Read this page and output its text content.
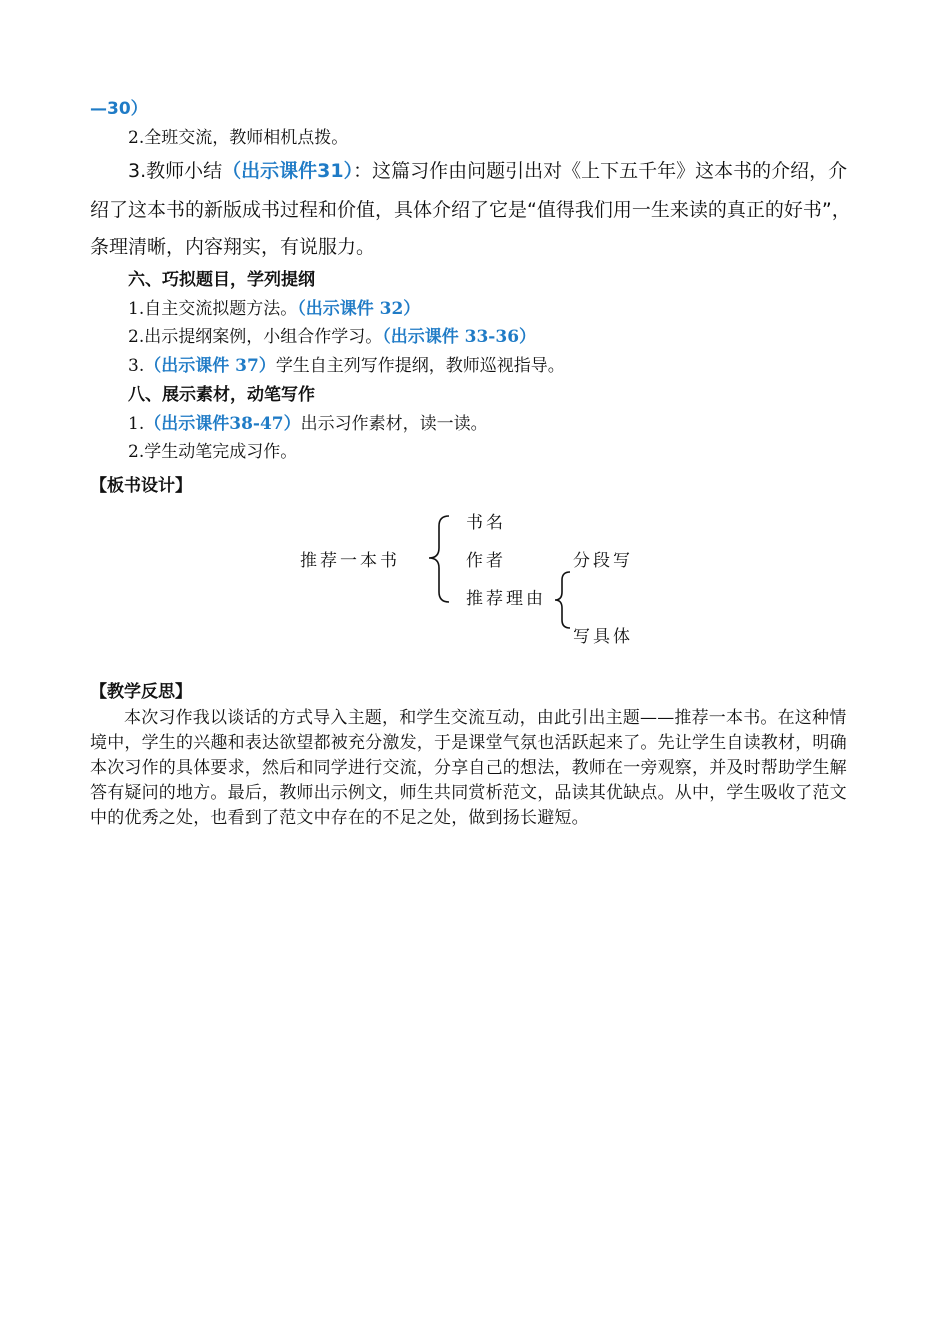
—30）
2.全班交流，教师相机点拨。
3.教师小结（出示课件31）：这篇习作由问题引出对《上下五千年》这本书的介绍，介
绍了这本书的新版成书过程和价值，具体介绍了它是“值得我们用一生来读的真正的好书”，
条理清晰，内容翔实，有说服力。
六、巧拟题目，学列提纲
1.自主交流拟题方法。（出示课件 32）
2.出示提纲案例，小组合作学习。（出示课件 33-36）
3.（出示课件 37）学生自主列写作提纲，教师巡视指导。
八、展示素材，动笔写作
1.（出示课件38-47）出示习作素材，读一读。
2.学生动笔完成习作。
【板书设计】
推荐一本书
书名
作者
推荐理由
分段写
写具体
【教学反思】
本次习作我以谈话的方式导入主题，和学生交流互动，由此引出主题——推荐一本书。在这种情境中，学生的兴趣和表达欲望都被充分激发，于是课堂气氛也活跃起来了。先让学生自读教材，明确本次习作的具体要求，然后和同学进行交流，分享自己的想法，教师在一旁观察，并及时帮助学生解答有疑问的地方。最后，教师出示例文，师生共同赏析范文，品读其优缺点。从中，学生吸收了范文中的优秀之处，也看到了范文中存在的不足之处，做到扬长避短。
